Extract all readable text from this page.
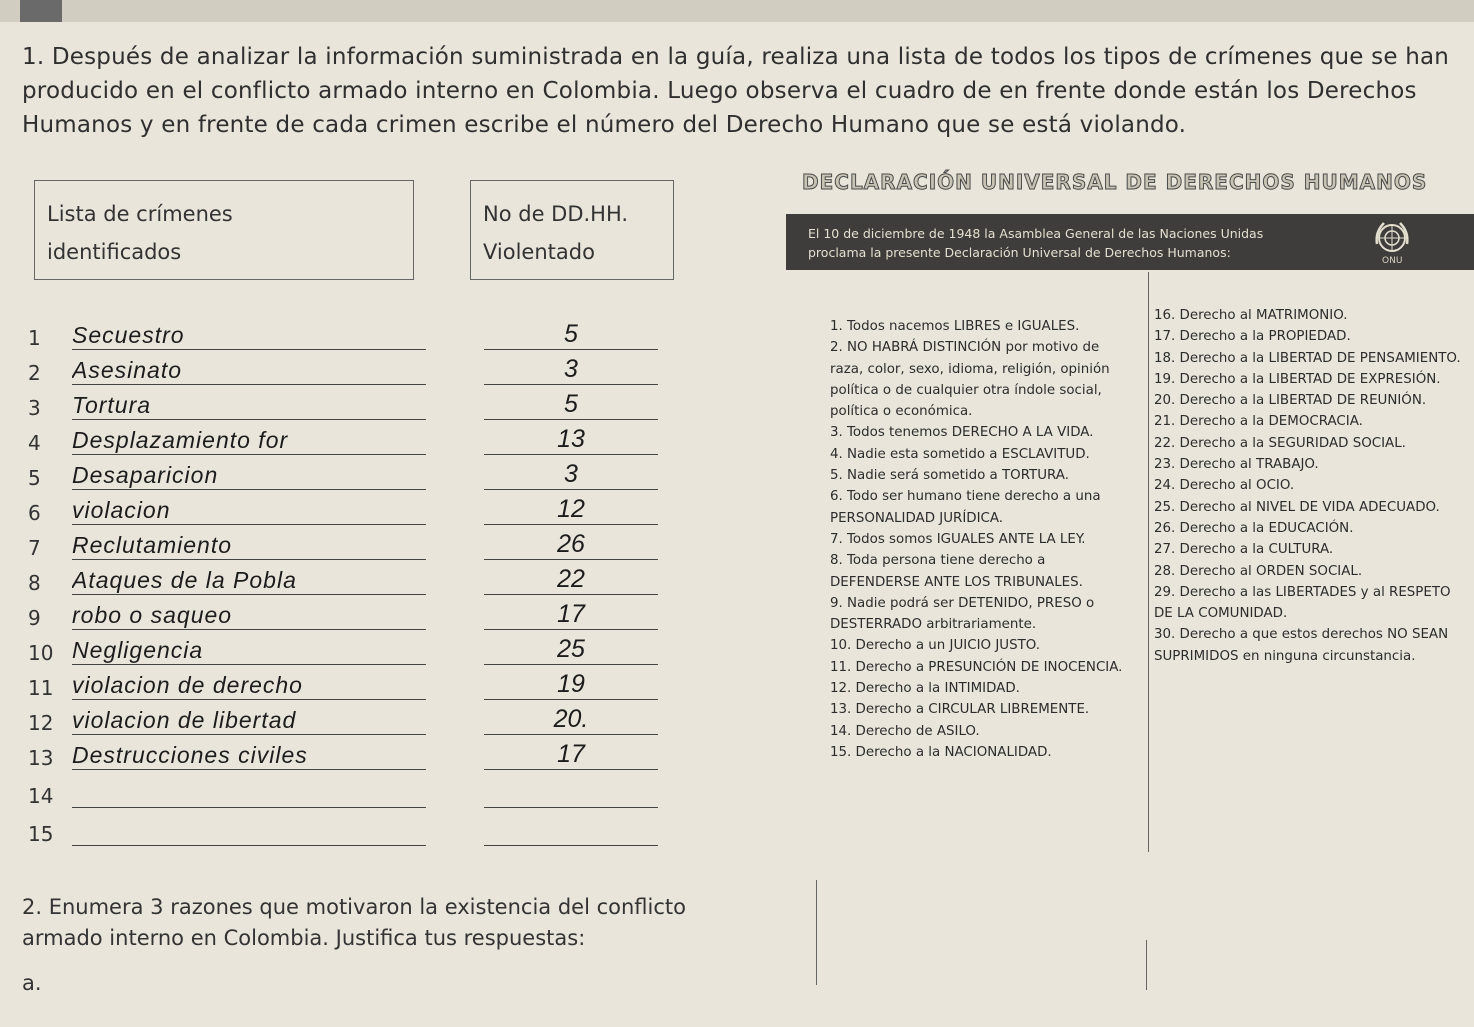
1. Después de analizar la información suministrada en la guía, realiza una lista de todos los tipos de crímenes que se han producido en el conflicto armado interno en Colombia. Luego observa el cuadro de en frente donde están los Derechos Humanos y en frente de cada crimen escribe el número del Derecho Humano que se está violando.
Lista de crímenes
identificados
No de DD.HH.
Violentado
1	Secuestro	5
2	Asesinato	3
3	Tortura	5
4	Desplazamiento for	13
5	Desaparicion	3
6	violacion	12
7	Reclutamiento	26
8	Ataques de la Pobla	22
9	robo o saqueo	17
10 Negligencia	25
11 violacion de derecho	19
12 violacion de libertad	20.
13 Destrucciones civiles	17
14
15
2. Enumera 3 razones que motivaron la existencia del conflicto armado interno en Colombia. Justifica tus respuestas:
a.
DECLARACIÓN UNIVERSAL DE DERECHOS HUMANOS
El 10 de diciembre de 1948 la Asamblea General de las Naciones Unidas
proclama la presente Declaración Universal de Derechos Humanos:
ONU
1. Todos nacemos LIBRES e IGUALES.
2. NO HABRÁ DISTINCIÓN por motivo de raza, color, sexo, idioma, religión, opinión política o de cualquier otra índole social, política o económica.
3. Todos tenemos DERECHO A LA VIDA.
4. Nadie esta sometido a ESCLAVITUD.
5. Nadie será sometido a TORTURA.
6. Todo ser humano tiene derecho a una PERSONALIDAD JURÍDICA.
7. Todos somos IGUALES ANTE LA LEY.
8. Toda persona tiene derecho a DEFENDERSE ANTE LOS TRIBUNALES.
9. Nadie podrá ser DETENIDO, PRESO o DESTERRADO arbitrariamente.
10. Derecho a un JUICIO JUSTO.
11. Derecho a PRESUNCIÓN DE INOCENCIA.
12. Derecho a la INTIMIDAD.
13. Derecho a CIRCULAR LIBREMENTE.
14. Derecho de ASILO.
15. Derecho a la NACIONALIDAD.
16. Derecho al MATRIMONIO.
17. Derecho a la PROPIEDAD.
18. Derecho a la LIBERTAD DE PENSAMIENTO.
19. Derecho a la LIBERTAD DE EXPRESIÓN.
20. Derecho a la LIBERTAD DE REUNIÓN.
21. Derecho a la DEMOCRACIA.
22. Derecho a la SEGURIDAD SOCIAL.
23. Derecho al TRABAJO.
24. Derecho al OCIO.
25. Derecho al NIVEL DE VIDA ADECUADO.
26. Derecho a la EDUCACIÓN.
27. Derecho a la CULTURA.
28. Derecho al ORDEN SOCIAL.
29. Derecho a las LIBERTADES y al RESPETO DE LA COMUNIDAD.
30. Derecho a que estos derechos NO SEAN SUPRIMIDOS en ninguna circunstancia.
